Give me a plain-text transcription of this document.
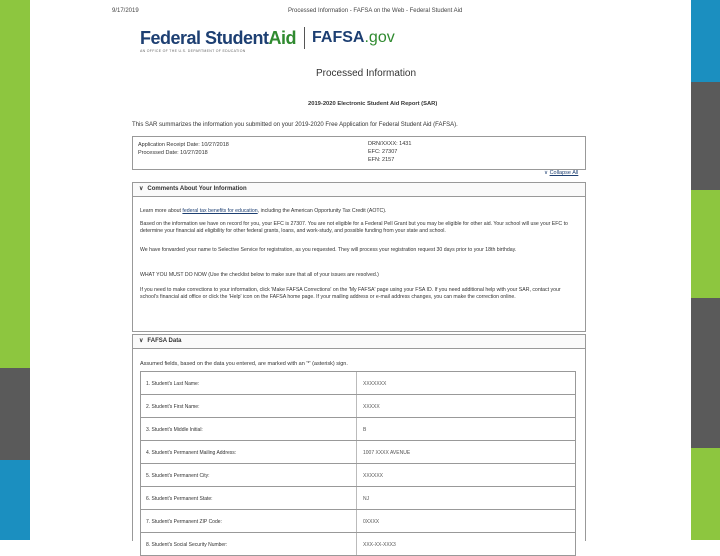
9/17/2019	Processed Information - FAFSA on the Web - Federal Student Aid
Federal StudentAid
AN OFFICE OF THE U.S. DEPARTMENT OF EDUCATION
FAFSA.gov
Processed Information
2019-2020 Electronic Student Aid Report (SAR)
This SAR summarizes the information you submitted on your 2019-2020 Free Application for Federal Student Aid (FAFSA).
Application Receipt Date: 10/27/2018
Processed Date: 10/27/2018
DRN/XXXX: 1431
EFC: 27307
EFN: 2157
∨ Collapse All
∨ Comments About Your Information

Learn more about federal tax benefits for education, including the American Opportunity Tax Credit (AOTC).

Based on the information we have on record for you, your EFC is 27307. You are not eligible for a Federal Pell Grant but you may be eligible for other aid. Your school will use your EFC to determine your financial aid eligibility for other federal grants, loans, and work-study, and possible funding from your state and school.

We have forwarded your name to Selective Service for registration, as you requested. They will process your registration request 30 days prior to your 18th birthday.

WHAT YOU MUST DO NOW (Use the checklist below to make sure that all of your issues are resolved.)

If you need to make corrections to your information, click 'Make FAFSA Corrections' on the 'My FAFSA' page using your FSA ID. If you need additional help with your SAR, contact your school's financial aid office or click the 'Help' icon on the FAFSA home page. If your mailing address or e-mail address changes, you can make the correction online.

∨ FAFSA Data
Assumed fields, based on the data you entered, are marked with an '*' (asterisk) sign.
1. Student's Last Name:	XXXXXXX
2. Student's First Name:	XXXXX
3. Student's Middle Initial:	B
4. Student's Permanent Mailing Address:	1007 XXXX AVENUE
5. Student's Permanent City:	XXXXXX
6. Student's Permanent State:	NJ
7. Student's Permanent ZIP Code:	0XXXX
8. Student's Social Security Number:	XXX-XX-XXX3
